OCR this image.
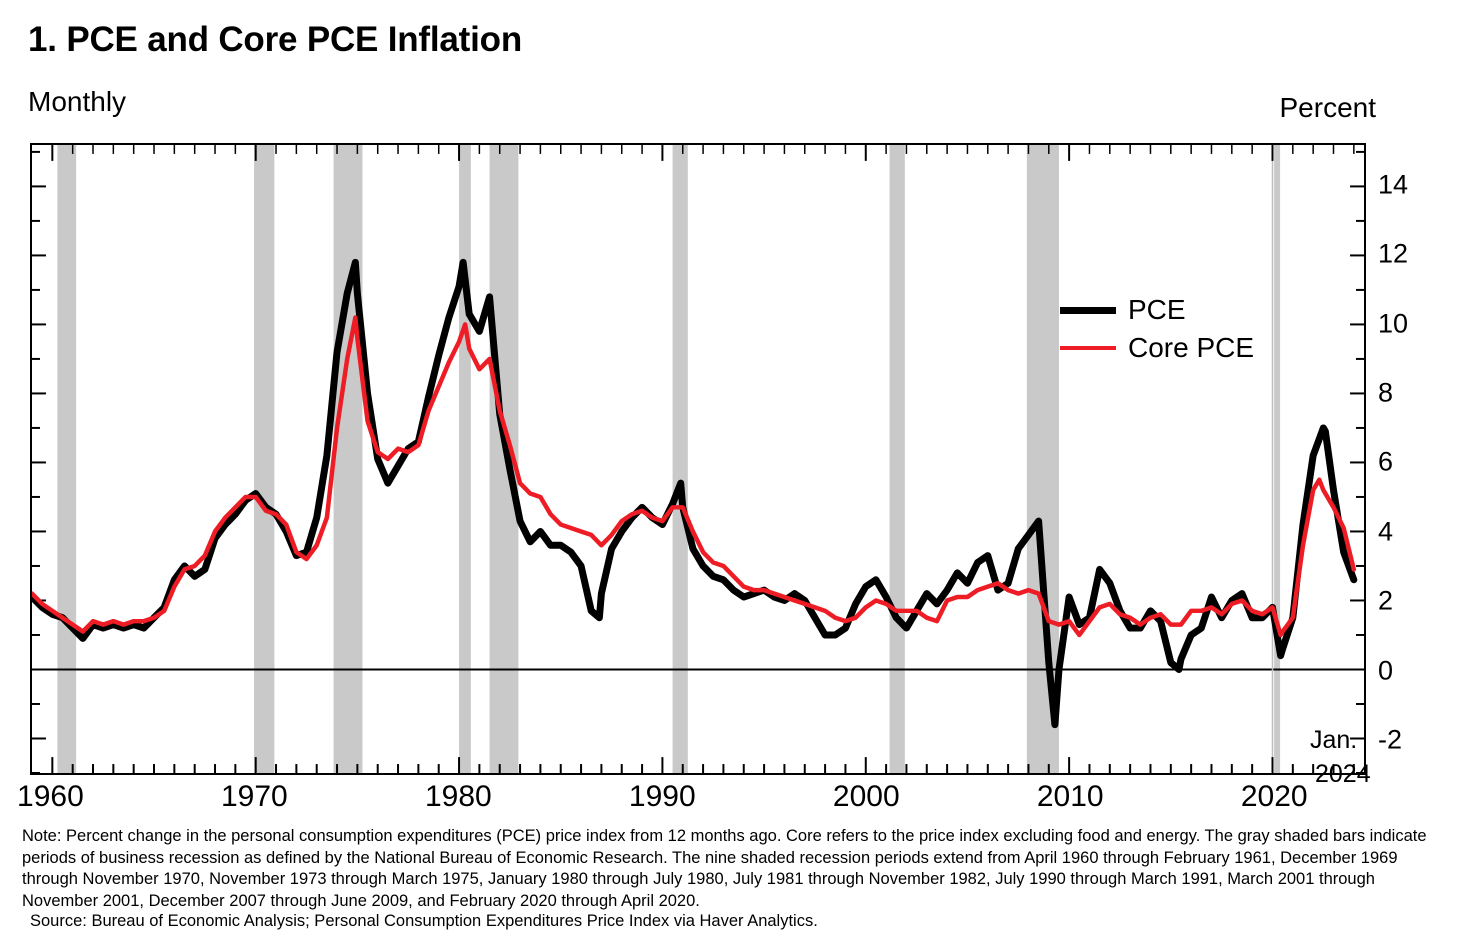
1. PCE and Core PCE Inflation
Monthly	Percent
PCE
Core PCE
Jan.
2024
14
12
10
8
6
4
2
0
-2
1960	1970	1980	1990	2000	2010	2020
Note: Percent change in the personal consumption expenditures (PCE) price index from 12 months ago. Core refers to the price index excluding food and energy. The gray shaded bars indicate periods of business recession as defined by the National Bureau of Economic Research. The nine shaded recession periods extend from April 1960 through February 1961, December 1969 through November 1970, November 1973 through March 1975, January 1980 through July 1980, July 1981 through November 1982, July 1990 through March 1991, March 2001 through November 2001, December 2007 through June 2009, and February 2020 through April 2020.
Source: Bureau of Economic Analysis; Personal Consumption Expenditures Price Index via Haver Analytics.
